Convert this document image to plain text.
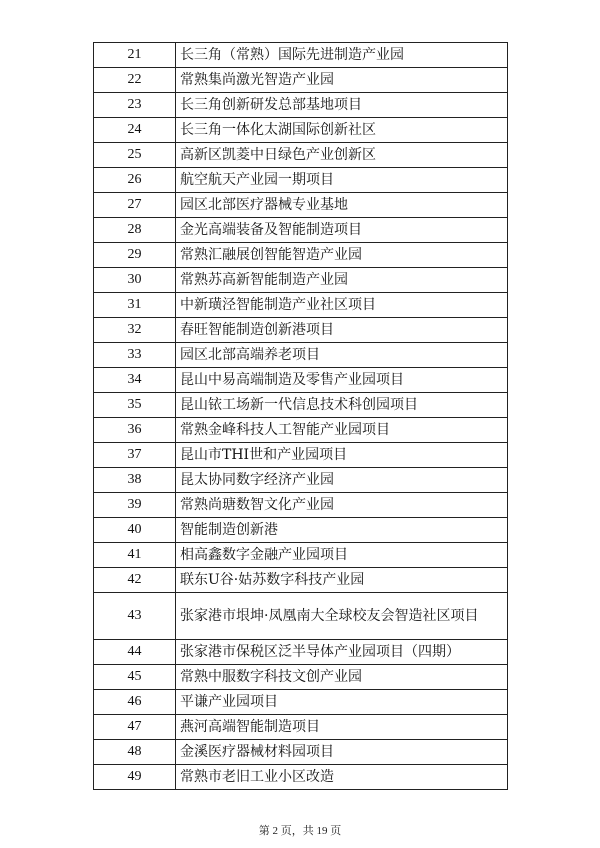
21	长三角（常熟）国际先进制造产业园
22	常熟集尚激光智造产业园
23	长三角创新研发总部基地项目
24	长三角一体化太湖国际创新社区
25	高新区凯菱中日绿色产业创新区
26	航空航天产业园一期项目
27	园区北部医疗器械专业基地
28	金光高端装备及智能制造项目
29	常熟汇融展创智能智造产业园
30	常熟苏高新智能制造产业园
31	中新璜泾智能制造产业社区项目
32	春旺智能制造创新港项目
33	园区北部高端养老项目
34	昆山中易高端制造及零售产业园项目
35	昆山铱工场新一代信息技术科创园项目
36	常熟金峰科技人工智能产业园项目
37	昆山市THI世和产业园项目
38	昆太协同数字经济产业园
39	常熟尚瑭数智文化产业园
40	智能制造创新港
41	相高鑫数字金融产业园项目
42	联东U谷·姑苏数字科技产业园
43	张家港市垠坤·凤凰南大全球校友会智造社区项目
44	张家港市保税区泛半导体产业园项目（四期）
45	常熟中服数字科技文创产业园
46	平谦产业园项目
47	燕河高端智能制造项目
48	金溪医疗器械材料园项目
49	常熟市老旧工业小区改造
第 2 页，共 19 页
